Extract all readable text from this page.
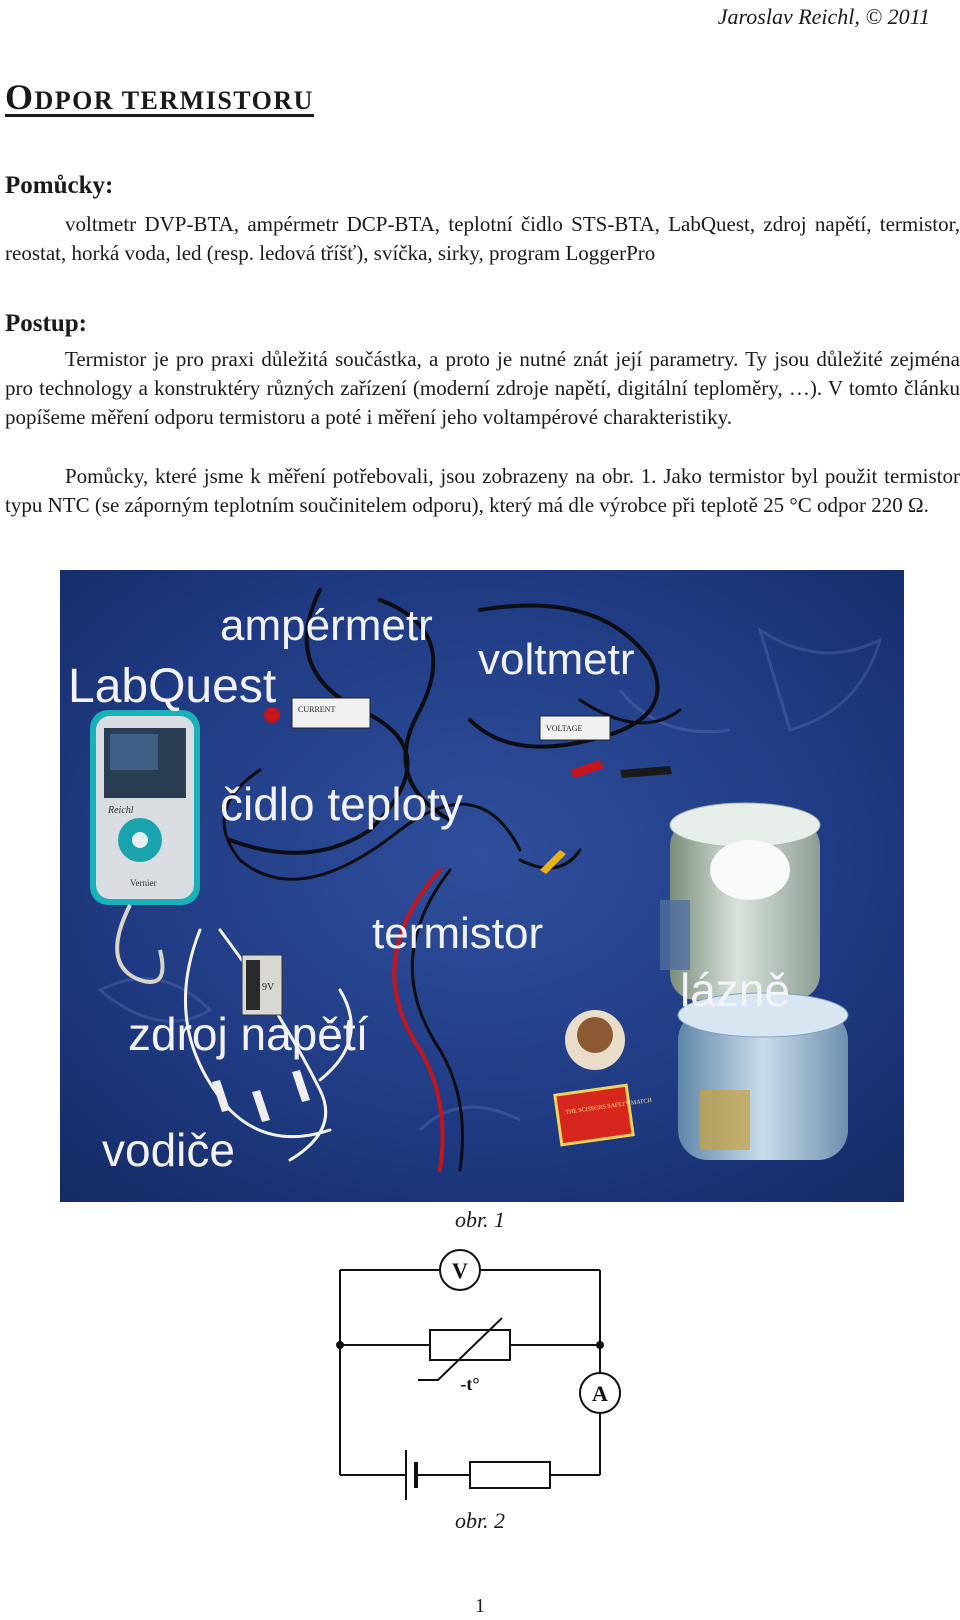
Jaroslav Reichl, © 2011
ODPOR TERMISTORU
Pomůcky:
voltmetr DVP-BTA, ampérmetr DCP-BTA, teplotní čidlo STS-BTA, LabQuest, zdroj napětí, termistor, reostat, horká voda, led (resp. ledová tříšť), svíčka, sirky, program LoggerPro
Postup:
Termistor je pro praxi důležitá součástka, a proto je nutné znát její parametry. Ty jsou důležité zejména pro technology a konstruktéry různých zařízení (moderní zdroje napětí, digitální teploměry, …). V tomto článku popíšeme měření odporu termistoru a poté i měření jeho voltampérové charakteristiky.
Pomůcky, které jsme k měření potřebovali, jsou zobrazeny na obr. 1. Jako termistor byl použit termistor typu NTC (se záporným teplotním součinitelem odporu), který má dle výrobce při teplotě 25 °C odpor 220 Ω.
Reichl
Vernier
CURRENT
VOLTAGE
9V
THE SCISSORS SAFETY MATCH
ampérmetr
LabQuest
voltmetr
čidlo teploty
termistor
lázně
zdroj napětí
vodiče
obr. 1
V
-t°	A
obr. 2
1
